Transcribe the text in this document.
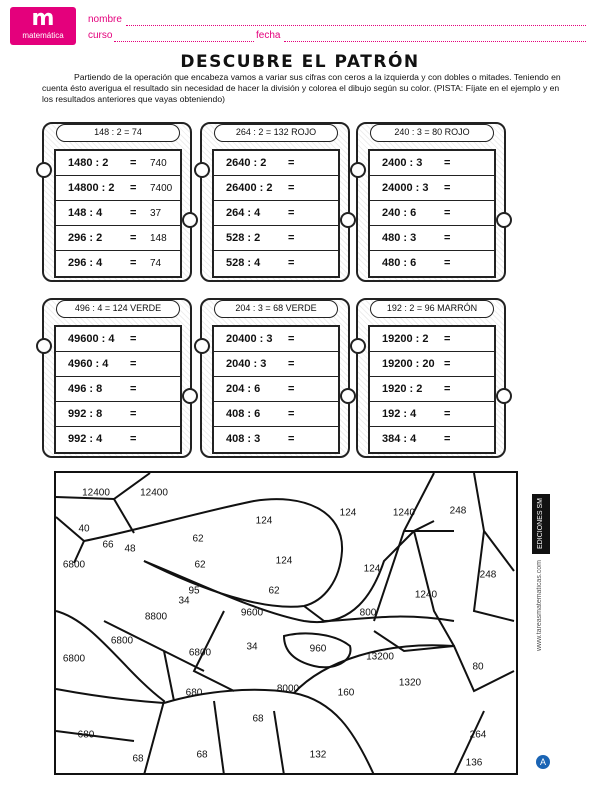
m
matemática
nombre
curso	fecha
DESCUBRE EL PATRÓN

Partiendo de la operación que encabeza vamos a variar sus cifras con ceros a la izquierda y con dobles o mitades. Teniendo en cuenta ésto averigua el resultado sin necesidad de hacer la división y colorea el dibujo según su color. (PISTA: Fíjate en el ejemplo y en los resultados anteriores que vayas obteniendo)

148 : 2 = 74
1480 : 2 = 740
14800 : 2 = 7400
148 : 4	= 37
296 : 2	= 148
296 : 4	= 74
264 : 2 = 132 ROJO
2640 : 2 =
26400 : 2 =
264 : 4	=
528 : 2	=
528 : 4	=
240 : 3 = 80 ROJO
2400 : 3 =
24000 : 3 =
240 : 6	=
480 : 3	=
480 : 6	=
496 : 4 = 124 VERDE
49600 : 4 =
4960 : 4 =
496 : 8	=
992 : 8	=
992 : 4	=
204 : 3 = 68 VERDE
20400 : 3 =
2040 : 3 =
204 : 6	=
408 : 6	=
408 : 3	=
192 : 2 = 96 MARRÓN
19200 : 2 =
19200 : 20 =
1920 : 2 =
192 : 4	=
384 : 4	=
12400	12400
124
124	1240	248
40
66 48
62
6800	62	124
124
248
95
34
62
8800	9600	800
1240
6800
6800
34	960
13200
80
6800
680	8000	160
1320
68
680	264
68	68	132
136
EDICIONES SM
www.tareasmatematicas.com
A
